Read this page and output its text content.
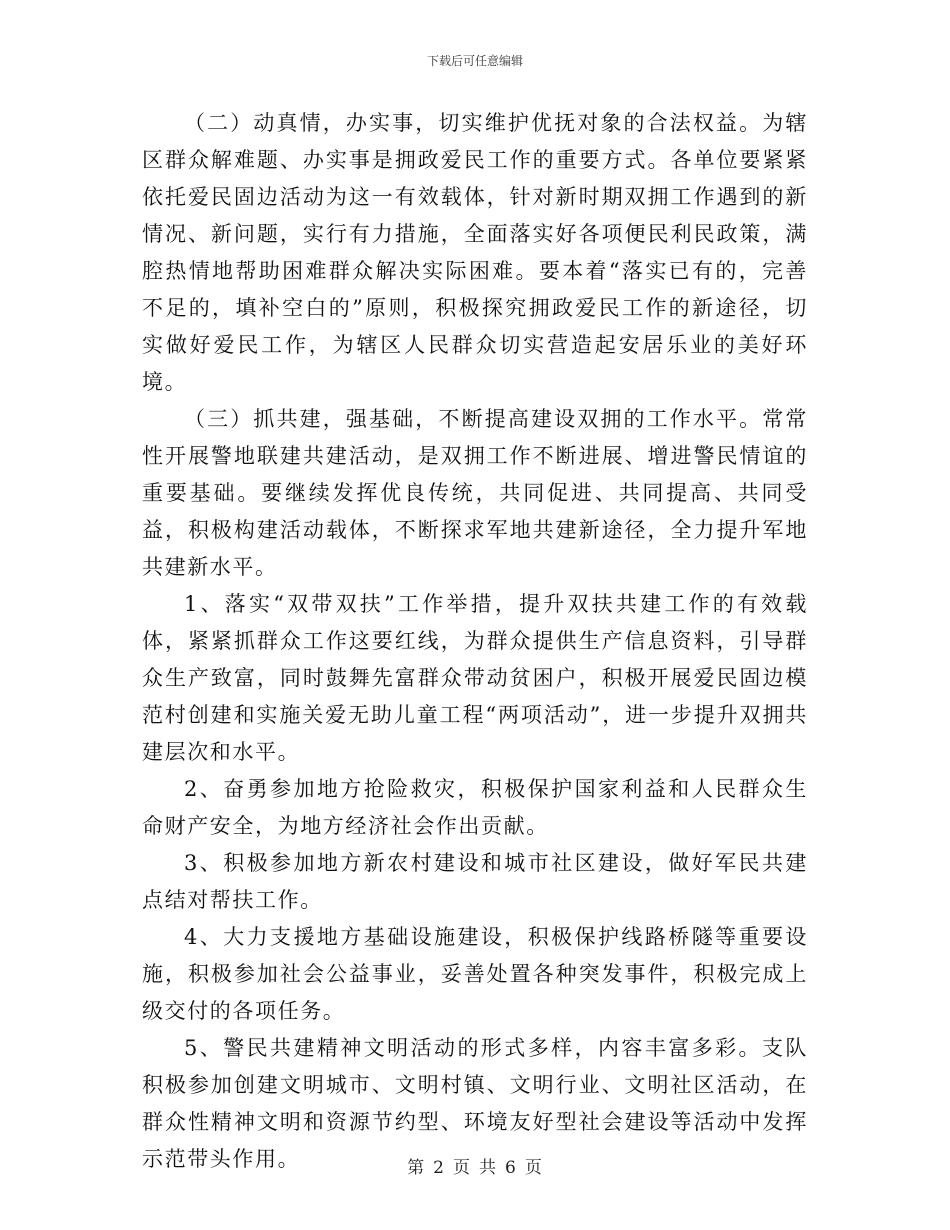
下载后可任意编辑

（二）动真情，办实事，切实维护优抚对象的合法权益。为辖区群众解难题、办实事是拥政爱民工作的重要方式。各单位要紧紧依托爱民固边活动为这一有效载体，针对新时期双拥工作遇到的新情况、新问题，实行有力措施，全面落实好各项便民利民政策，满腔热情地帮助困难群众解决实际困难。要本着“落实已有的，完善不足的，填补空白的”原则，积极探究拥政爱民工作的新途径，切实做好爱民工作，为辖区人民群众切实营造起安居乐业的美好环境。

（三）抓共建，强基础，不断提高建设双拥的工作水平。常常性开展警地联建共建活动，是双拥工作不断进展、增进警民情谊的重要基础。要继续发挥优良传统，共同促进、共同提高、共同受益，积极构建活动载体，不断探求军地共建新途径，全力提升军地共建新水平。

1、落实“双带双扶”工作举措，提升双扶共建工作的有效载体，紧紧抓群众工作这要红线，为群众提供生产信息资料，引导群众生产致富，同时鼓舞先富群众带动贫困户，积极开展爱民固边模范村创建和实施关爱无助儿童工程“两项活动”，进一步提升双拥共建层次和水平。

2、奋勇参加地方抢险救灾，积极保护国家利益和人民群众生命财产安全，为地方经济社会作出贡献。

3、积极参加地方新农村建设和城市社区建设，做好军民共建点结对帮扶工作。

4、大力支援地方基础设施建设，积极保护线路桥隧等重要设施，积极参加社会公益事业，妥善处置各种突发事件，积极完成上级交付的各项任务。

5、警民共建精神文明活动的形式多样，内容丰富多彩。支队积极参加创建文明城市、文明村镇、文明行业、文明社区活动，在群众性精神文明和资源节约型、环境友好型社会建设等活动中发挥示范带头作用。	第 2 页 共 6 页
